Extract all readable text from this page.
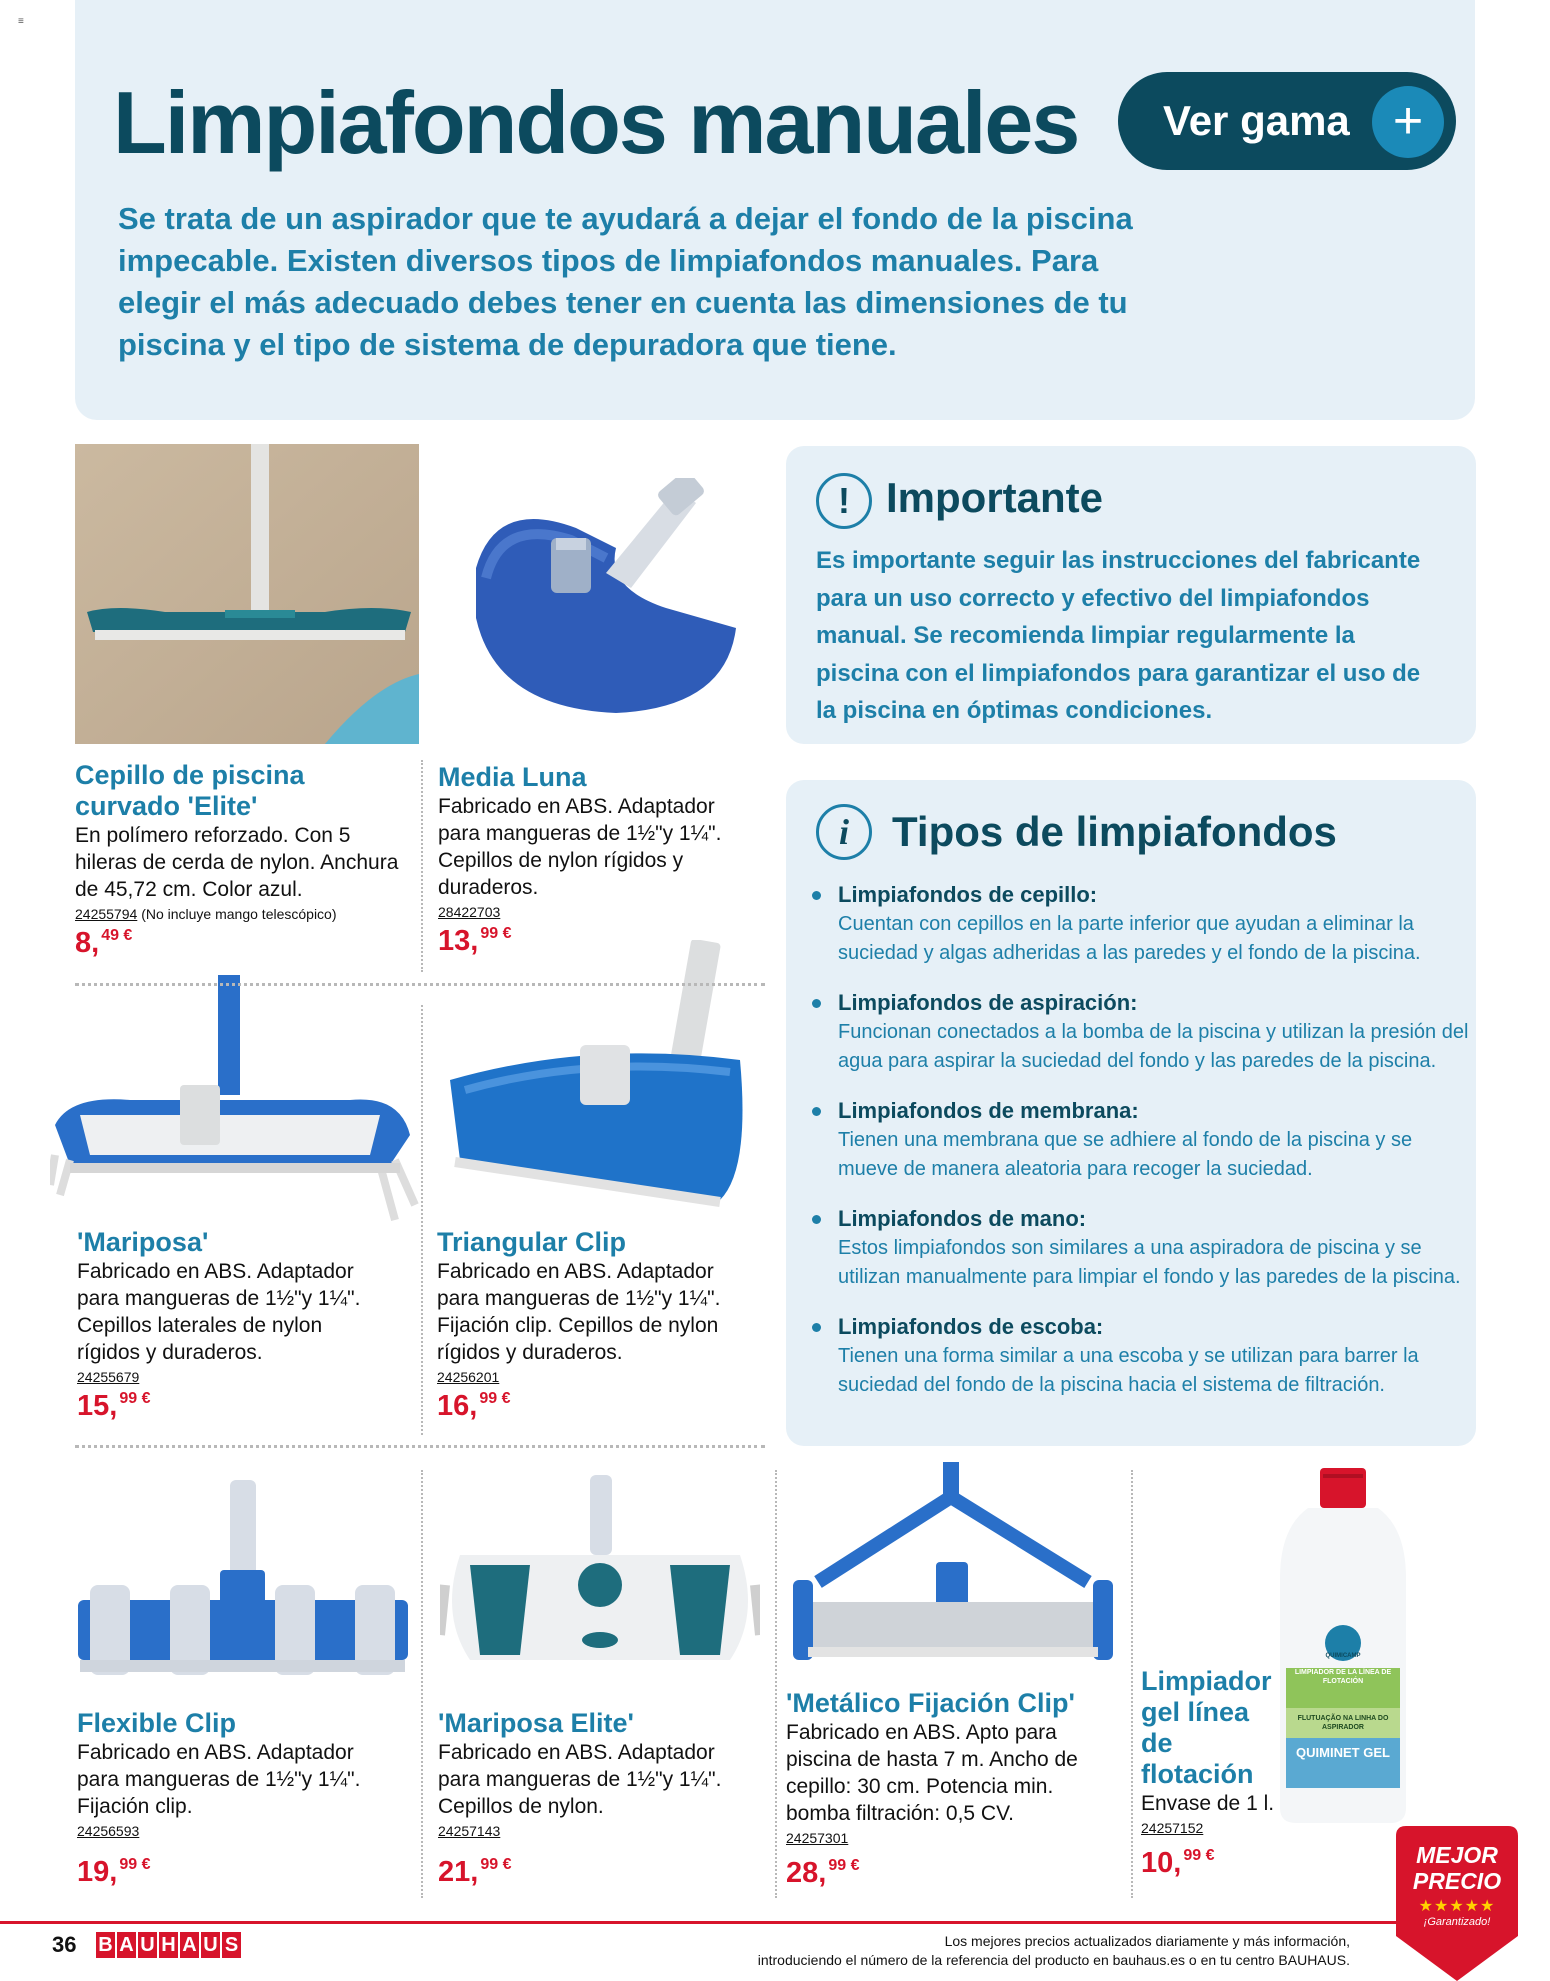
≡
Limpiafondos manuales

Se trata de un aspirador que te ayudará a dejar el fondo de la piscina impecable. Existen diversos tipos de limpiafondos manuales. Para elegir el más adecuado debes tener en cuenta las dimensiones de tu piscina y el tipo de sistema de depuradora que tiene.

Ver gama +
! Importante

Es importante seguir las instrucciones del fabricante para un uso correcto y efectivo del limpiafondos manual. Se recomienda limpiar regularmente la piscina con el limpiafondos para garantizar el uso de la piscina en óptimas condiciones.

i	Tipos de limpiafondos
Limpiafondos de cepillo:
Cuentan con cepillos en la parte inferior que ayudan a eliminar la suciedad y algas adheridas a las paredes y el fondo de la piscina.
Limpiafondos de aspiración:
Funcionan conectados a la bomba de la piscina y utilizan la presión del agua para aspirar la suciedad del fondo y las paredes de la piscina.
Limpiafondos de membrana:
Tienen una membrana que se adhiere al fondo de la piscina y se mueve de manera aleatoria para recoger la suciedad.
Limpiafondos de mano:
Estos limpiafondos son similares a una aspiradora de piscina y se utilizan manualmente para limpiar el fondo y las paredes de la piscina.
Limpiafondos de escoba:
Tienen una forma similar a una escoba y se utilizan para barrer la suciedad del fondo de la piscina hacia el sistema de filtración.
LIMPIADOR DE LA LÍNEA DE FLOTACIÓN
FLUTUAÇÃO NA LINHA DO ASPIRADOR
QUIMICAMP
QUIMINET GEL
Cepillo de piscina curvado 'Elite'
En polímero reforzado. Con 5 hileras de cerda de nylon. Anchura de 45,72 cm. Color azul.
24255794 (No incluye mango telescópico)
8, 49 €
Media Luna
Fabricado en ABS. Adaptador para mangueras de 1½"y 1¼". Cepillos de nylon rígidos y duraderos.
28422703
13, 99 €
'Mariposa'
Fabricado en ABS. Adaptador para mangueras de 1½"y 1¼". Cepillos laterales de nylon rígidos y duraderos.
24255679
15, 99 €
Triangular Clip
Fabricado en ABS. Adaptador para mangueras de 1½"y 1¼". Fijación clip. Cepillos de nylon rígidos y duraderos.
24256201
16, 99 €
Flexible Clip
Fabricado en ABS. Adaptador para mangueras de 1½"y 1¼". Fijación clip.
24256593
19, 99 €
'Mariposa Elite'
Fabricado en ABS. Adaptador para mangueras de 1½"y 1¼". Cepillos de nylon.
24257143
21, 99 €
'Metálico Fijación Clip'
Fabricado en ABS. Apto para piscina de hasta 7 m. Ancho de cepillo: 30 cm. Potencia min. bomba filtración: 0,5 CV.
24257301
28, 99 €
Limpiador gel línea de flotación
Envase de 1 l.
24257152
10, 99 €	MEJOR
PRECIO
★★★★★
¡Garantizado!
36 B A U H A U S	Los mejores precios actualizados diariamente y más información,
introduciendo el número de la referencia del producto en bauhaus.es o en tu centro BAUHAUS.
